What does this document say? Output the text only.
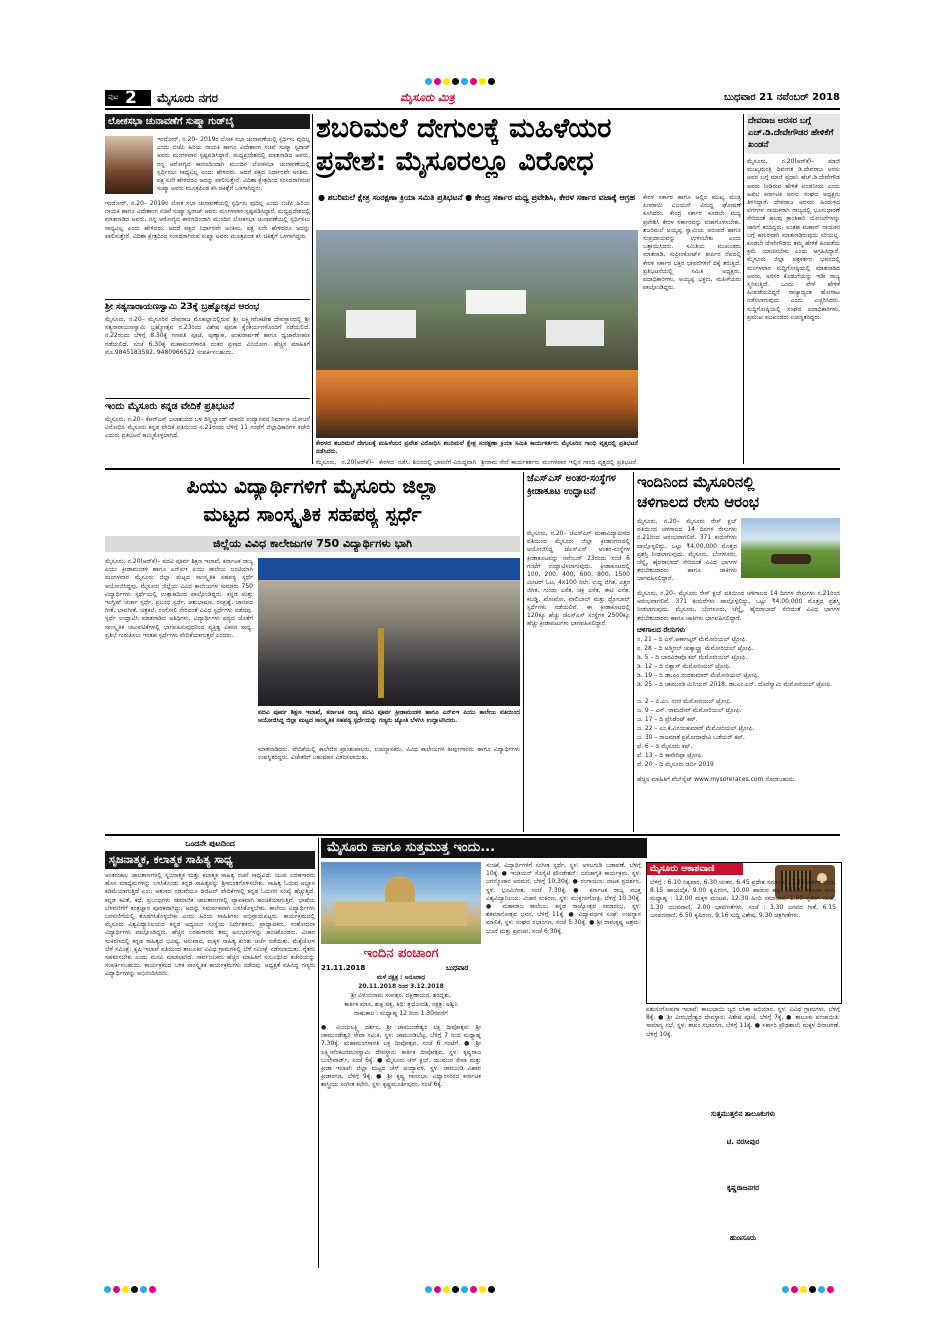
ಪುಟ 2 ಮೈಸೂರು ನಗರ	ಮೈಸೂರು ಮಿತ್ರ	ಬುಧವಾರ 21 ನವೆಂಬರ್ 2018
ಲೋಕಸಭಾ ಚುನಾವಣೆಗೆ ಸುಷ್ಮಾ ಗುಡ್‌ಬೈ
ಇಂದೋರ್, ನ.20– 2019ರ ಲೋಕ ಸಭಾ ಚುನಾವಣೆಯಲ್ಲಿ ಸ್ಪರ್ಧಿಸು ವುದಿಲ್ಲ ಎಂದು ಬಿಜೆಪಿ ಹಿರಿಯ ನಾಯಕಿ ಹಾಗೂ ವಿದೇಶಾಂಗ ಸಚಿವೆ ಸುಷ್ಮಾ ಸ್ವರಾಜ್ ಅವರು ಮಂಗಳವಾರ ಸ್ಪಷ್ಟಪಡಿಸಿದ್ದಾರೆ. ಮಧ್ಯಪ್ರದೇಶದಲ್ಲಿ ಮಾತನಾಡಿದ ಅವರು, ನನ್ನ ಆರೋಗ್ಯದ ಕಾರಣದಿಂದಾಗಿ ಮುಂದಿನ ಲೋಕಸಭಾ ಚುನಾವಣೆಯಲ್ಲಿ ಸ್ಪರ್ಧಿಸಲು ಸಾಧ್ಯವಿಲ್ಲ ಎಂದು ಹೇಳಿದರು. ಆದರೆ ಪಕ್ಷದ ನಿರ್ಧಾರವೇ ಅಂತಿಮ. ಪಕ್ಷ ಏನೇ ಹೇಳಿದರೂ ಅದನ್ನು ಪಾಲಿಸುತ್ತೇನೆ. ವಿದಿಶಾ ಕ್ಷೇತ್ರದಿಂದ ಸಂಸದರಾಗಿರುವ ಸುಷ್ಮಾ ಅವರು ಮೂತ್ರಪಿಂಡ ಕಸಿ ಚಿಕಿತ್ಸೆಗೆ ಒಳಗಾಗಿದ್ದರು.
ಇಂದೋರ್, ನ.20– 2019ರ ಲೋಕ ಸಭಾ ಚುನಾವಣೆಯಲ್ಲಿ ಸ್ಪರ್ಧಿಸು ವುದಿಲ್ಲ ಎಂದು ಬಿಜೆಪಿ ಹಿರಿಯ ನಾಯಕಿ ಹಾಗೂ ವಿದೇಶಾಂಗ ಸಚಿವೆ ಸುಷ್ಮಾ ಸ್ವರಾಜ್ ಅವರು ಮಂಗಳವಾರ ಸ್ಪಷ್ಟಪಡಿಸಿದ್ದಾರೆ. ಮಧ್ಯಪ್ರದೇಶದಲ್ಲಿ ಮಾತನಾಡಿದ ಅವರು, ನನ್ನ ಆರೋಗ್ಯದ ಕಾರಣದಿಂದಾಗಿ ಮುಂದಿನ ಲೋಕಸಭಾ ಚುನಾವಣೆಯಲ್ಲಿ ಸ್ಪರ್ಧಿಸಲು ಸಾಧ್ಯವಿಲ್ಲ ಎಂದು ಹೇಳಿದರು. ಆದರೆ ಪಕ್ಷದ ನಿರ್ಧಾರವೇ ಅಂತಿಮ. ಪಕ್ಷ ಏನೇ ಹೇಳಿದರೂ ಅದನ್ನು ಪಾಲಿಸುತ್ತೇನೆ. ವಿದಿಶಾ ಕ್ಷೇತ್ರದಿಂದ ಸಂಸದರಾಗಿರುವ ಸುಷ್ಮಾ ಅವರು ಮೂತ್ರಪಿಂಡ ಕಸಿ ಚಿಕಿತ್ಸೆಗೆ ಒಳಗಾಗಿದ್ದರು.
ಶ್ರೀ ಸತ್ಯನಾರಾಯಣಸ್ವಾಮಿ 23ಕ್ಕೆ ಬ್ರಹ್ಮೋತ್ಸವ ಆರಂಭ
ಮೈಸೂರು, ನ.20– ಮೈಸೂರಿನ ದೇವರಾಜ ಮೊಹಲ್ಲಾದಲ್ಲಿರುವ ಶ್ರೀ ಲಕ್ಷ್ಮೀವೆಂಕಟೇಶ ದೇವಸ್ಥಾನದಲ್ಲಿ ಶ್ರೀ ಸತ್ಯನಾರಾಯಣಸ್ವಾಮಿ ಬ್ರಹ್ಮೋತ್ಸವ ನ.23ರಿಂದ ವಿಶೇಷ ಪೂಜಾ ಕೈಂಕರ್ಯಗಳೊಂದಿಗೆ ನಡೆಯಲಿದೆ. ನ.22ರಂದು ಬೆಳಿಗ್ಗೆ 8.30ಕ್ಕೆ ಗಣಪತಿ ಪೂಜೆ, ಪುಣ್ಯಾಹ, ಅಂಕುರಾರ್ಪಣೆ ಹಾಗೂ ಧ್ವಜಾರೋಹಣ ನಡೆಯಲಿದೆ. ಸಂಜೆ 6.30ಕ್ಕೆ ಮಹಾಮಂಗಳಾರತಿ ನಂತರ ಪ್ರಸಾದ ವಿನಿಯೋಗ. ಹೆಚ್ಚಿನ ಮಾಹಿತಿಗೆ ಮೊ.9845183592, 9480966522 ಸಂಪರ್ಕಿಸಬಹುದು.
ಇಂದು ಮೈಸೂರು ಕನ್ನಡ ವೇದಿಕೆ ಪ್ರತಿಭಟನೆ
ಮೈಸೂರು, ನ.20– ಕೆಆರ್‌ಎಸ್ ಜಲಾಶಯದ ಬಳಿ ಡಿಸ್ನಿಲ್ಯಾಂಡ್ ಮಾದರಿ ಉದ್ಯಾನವನ ನಿರ್ಮಾಣ ಯೋಜನೆ ವಿರೋಧಿಸಿ ಮೈಸೂರು ಕನ್ನಡ ವೇದಿಕೆ ವತಿಯಿಂದ ನ.21ರಂದು ಬೆಳಿಗ್ಗೆ 11 ಗಂಟೆಗೆ ಜಿಲ್ಲಾಧಿಕಾರಿಗಳ ಕಚೇರಿ ಎದುರು ಪ್ರತಿಭಟನೆ ಹಮ್ಮಿಕೊಳ್ಳಲಾಗಿದೆ.
ಶಬರಿಮಲೆ ದೇಗುಲಕ್ಕೆ ಮಹಿಳೆಯರ
ಪ್ರವೇಶ: ಮೈಸೂರಲ್ಲೂ ವಿರೋಧ
● ಶಬರಿಮಲೆ ಕ್ಷೇತ್ರ ಸಂರಕ್ಷಣಾ ಕ್ರಿಯಾ ಸಮಿತಿ ಪ್ರತಿಭಟನೆ ● ಕೇಂದ್ರ ಸರ್ಕಾರ ಮಧ್ಯ ಪ್ರವೇಶಿಸಿ, ಕೇರಳ ಸರ್ಕಾರ ವಜಾಕ್ಕೆ ಆಗ್ರಹ
ಕೇರಳದ ಶಬರಿಮಲೆ ದೇಗುಲಕ್ಕೆ ಮಹಿಳೆಯರ ಪ್ರವೇಶ ವಿರೋಧಿಸಿ ಶಬರಿಮಲೆ ಕ್ಷೇತ್ರ ಸಂರಕ್ಷಣಾ ಕ್ರಿಯಾ ಸಮಿತಿ ಕಾರ್ಯಕರ್ತರು ಮೈಸೂರಿನ ಗಾಂಧಿ ವೃತ್ತದಲ್ಲಿ ಪ್ರತಿಭಟನೆ ನಡೆಸಿದರು.
ಮೈಸೂರು, ನ.20(ಆರ್‌ಕೆ)– ಕೇರಳದ ನಡೆಸಿ, ಶಿಬಿರದಲ್ಲಿ ಭಾವನೆಗೆ ವಿರುದ್ಧವಾಗಿ ಶ್ರೀರಾಮ ಸೇನೆ ಕಾರ್ಯಕರ್ತರು ಮಂಗಳವಾರ ಇಲ್ಲಿನ ಗಾಂಧಿ ವೃತ್ತದಲ್ಲಿ ಪ್ರತಿಭಟನೆ
ಕೇರಳ ಸರ್ಕಾರ ಹಾಗೂ ಅಲ್ಲಿನ ಮುಖ್ಯ ಮಂತ್ರಿ ಪಿಣರಾಯಿ ವಿಜಯನ್ ವಿರುದ್ಧ ಘೋಷಣೆ ಕೂಗಿದರು. ಕೇಂದ್ರ ಸರ್ಕಾರ ಕೂಡಲೇ ಮಧ್ಯ ಪ್ರವೇಶಿಸಿ ಕೇರಳ ಸರ್ಕಾರವನ್ನು ವಜಾಗೊಳಿಸಬೇಕು. ಶಬರಿಮಲೆ ಅಯ್ಯಪ್ಪ ಸ್ವಾಮಿಯ ಪರಂಪರೆ ಹಾಗೂ ಸಂಪ್ರದಾಯವನ್ನು ಉಳಿಸಬೇಕು ಎಂದು ಒತ್ತಾಯಿಸಿದರು. ಸಮಿತಿಯ ಮುಖಂಡರು ಮಾತನಾಡಿ, ಸುಪ್ರೀಂಕೋರ್ಟ್ ತೀರ್ಪಿನ ನೆಪದಲ್ಲಿ ಕೇರಳ ಸರ್ಕಾರ ಭಕ್ತರ ಭಾವನೆಗಳಿಗೆ ಧಕ್ಕೆ ತರುತ್ತಿದೆ. ಪ್ರತಿಭಟನೆಯಲ್ಲಿ ಸಮಿತಿ ಅಧ್ಯಕ್ಷರು, ಪದಾಧಿಕಾರಿಗಳು, ಅಯ್ಯಪ್ಪ ಭಕ್ತರು, ಮಹಿಳೆಯರು ಪಾಲ್ಗೊಂಡಿದ್ದರು.
ದೇವರಾಜ ಅರಸರ ಬಗ್ಗೆ ಎಚ್.ಡಿ.ದೇವೇಗೌಡರ ಹೇಳಿಕೆಗೆ ಖಂಡನೆ
ಮೈಸೂರು, ನ.20(ಆರ್‌ಕೆ)– ಮಾಜಿ ಮುಖ್ಯಮಂತ್ರಿ ದಿವಂಗತ ಡಿ.ದೇವರಾಜ ಅರಸು ಅವರ ಬಗ್ಗೆ ಮಾಜಿ ಪ್ರಧಾನಿ ಹೆಚ್.ಡಿ.ದೇವೇಗೌಡ ಅವರು ನೀಡಿರುವ ಹೇಳಿಕೆ ಖಂಡನೀಯ ಎಂದು ಅಖಿಲ ಕರ್ನಾಟಕ ಅರಸು ಸಂಘದ ಅಧ್ಯಕ್ಷರು ತಿಳಿಸಿದ್ದಾರೆ. ದೇವರಾಜ ಅರಸರು ಹಿಂದುಳಿದ ವರ್ಗಗಳ ನಾಯಕರಾಗಿ ರಾಜ್ಯದಲ್ಲಿ ಭೂಸುಧಾರಣೆ ಸೇರಿದಂತೆ ಹಲವು ಕ್ರಾಂತಿಕಾರಿ ಯೋಜನೆಗಳನ್ನು ಜಾರಿಗೆ ತಂದಿದ್ದರು. ಅಂತಹ ಮಹಾನ್ ನಾಯಕರ ಬಗ್ಗೆ ಹಗುರವಾಗಿ ಮಾತನಾಡಿರುವುದು ಸರಿಯಲ್ಲ. ಕೂಡಲೇ ದೇವೇಗೌಡರು ತಮ್ಮ ಹೇಳಿಕೆ ಹಿಂಪಡೆದು ಕ್ಷಮೆ ಯಾಚಿಸಬೇಕು ಎಂದು ಆಗ್ರಹಿಸಿದ್ದಾರೆ. ಮೈಸೂರು ಜಿಲ್ಲಾ ಪತ್ರಕರ್ತರ ಭವನದಲ್ಲಿ ಮಂಗಳವಾರ ಸುದ್ದಿಗೋಷ್ಠಿಯಲ್ಲಿ ಮಾತನಾಡಿದ ಅವರು, ಅರಸರ ಕೊಡುಗೆಯನ್ನು ಇಡೀ ರಾಜ್ಯ ಸ್ಮರಿಸುತ್ತಿದೆ. ಒಂದು ವೇಳೆ ಹೇಳಿಕೆ ಹಿಂಪಡೆಯದಿದ್ದರೆ ರಾಜ್ಯಾದ್ಯಂತ ಹೋರಾಟ ನಡೆಸಲಾಗುವುದು ಎಂದು ಎಚ್ಚರಿಸಿದರು. ಸುದ್ದಿಗೋಷ್ಠಿಯಲ್ಲಿ ಸಂಘದ ಪದಾಧಿಕಾರಿಗಳು, ಪ್ರಮುಖ ಮುಖಂಡರು ಉಪಸ್ಥಿತರಿದ್ದರು.
ಪಿಯು ವಿದ್ಯಾರ್ಥಿಗಳಿಗೆ ಮೈಸೂರು ಜಿಲ್ಲಾ
ಮಟ್ಟದ ಸಾಂಸ್ಕೃತಿಕ ಸಹಪಠ್ಯ ಸ್ಪರ್ಧೆ
ಜಿಲ್ಲೆಯ ವಿವಿಧ ಕಾಲೇಜುಗಳ 750 ವಿದ್ಯಾರ್ಥಿಗಳು ಭಾಗಿ
ಮೈಸೂರು, ನ.20(ಆರ್‌ಕೆ)– ಪದವಿ ಪೂರ್ವ ಶಿಕ್ಷಣ ಇಲಾಖೆ, ಕರ್ನಾಟಕ ರಾಜ್ಯ ಪಿಯು ಕ್ರೀಡಾಮಂಡಳಿ ಹಾಗೂ ಎನ್‌ಐಇ ಪಿಯು ಕಾಲೇಜು ಜಂಟಿಯಾಗಿ ಮಂಗಳವಾರ ಮೈಸೂರು ಜಿಲ್ಲಾ ಮಟ್ಟದ ಸಾಂಸ್ಕೃತಿಕ ಸಹಪಠ್ಯ ಸ್ಪರ್ಧೆ ಆಯೋಜಿಸಿದ್ದವು. ಮೈಸೂರು ಜಿಲ್ಲೆಯ ವಿವಿಧ ಕಾಲೇಜುಗಳ ಸುಮಾರು 750 ವಿದ್ಯಾರ್ಥಿಗಳು ಸ್ಪರ್ಧೆಯಲ್ಲಿ ಉತ್ಸಾಹದಿಂದ ಪಾಲ್ಗೊಂಡಿದ್ದರು. ಕನ್ನಡ ಮತ್ತು ಇಂಗ್ಲಿಷ್ ಚರ್ಚಾ ಸ್ಪರ್ಧೆ, ಪ್ರಬಂಧ ಸ್ಪರ್ಧೆ, ಆಶುಭಾಷಣ, ರಸಪ್ರಶ್ನೆ, ಜಾನಪದ ಗೀತೆ, ಭಾವಗೀತೆ, ಚಿತ್ರಕಲೆ, ರಂಗೋಲಿ ಸೇರಿದಂತೆ ವಿವಿಧ ಸ್ಪರ್ಧೆಗಳು ನಡೆದವು. ಸ್ಪರ್ಧೆ ಉದ್ಘಾಟಿಸಿ ಮಾತನಾಡಿದ ಅತಿಥಿಗಳು, ವಿದ್ಯಾರ್ಥಿಗಳು ಪಠ್ಯದ ಜೊತೆಗೆ ಸಾಂಸ್ಕೃತಿಕ ಚಟುವಟಿಕೆಗಳಲ್ಲಿ ಭಾಗವಹಿಸುವುದರಿಂದ ವ್ಯಕ್ತಿತ್ವ ವಿಕಸನ ಸಾಧ್ಯ. ಪ್ರತಿಭೆ ಗುರುತಿಸಲು ಇಂತಹ ಸ್ಪರ್ಧೆಗಳು ವೇದಿಕೆಯಾಗುತ್ತವೆ ಎಂದರು.
ಪದವಿ ಪೂರ್ವ ಶಿಕ್ಷಣ ಇಲಾಖೆ, ಕರ್ನಾಟಕ ರಾಜ್ಯ ಪದವಿ ಪೂರ್ವ ಕ್ರೀಡಾಮಂಡಳಿ ಹಾಗೂ ಎನ್‌ಐಇ ಪಿಯು ಕಾಲೇಜು ವತಿಯಿಂದ ಆಯೋಜಿಸಿದ್ದ ಜಿಲ್ಲಾ ಮಟ್ಟದ ಸಾಂಸ್ಕೃತಿಕ ಸಹಪಠ್ಯ ಸ್ಪರ್ಧೆಯನ್ನು ಗಣ್ಯರು ಜ್ಯೋತಿ ಬೆಳಗಿಸಿ ಉದ್ಘಾಟಿಸಿದರು.
ಮಾತನಾಡಿದರು. ವೇದಿಕೆಯಲ್ಲಿ ಕಾಲೇಜಿನ ಪ್ರಾಂಶುಪಾಲರು, ಉಪನ್ಯಾಸಕರು, ವಿವಿಧ ಕಾಲೇಜುಗಳ ತೀರ್ಪುಗಾರರು ಹಾಗೂ ವಿದ್ಯಾರ್ಥಿಗಳು ಉಪಸ್ಥಿತರಿದ್ದರು. ವಿಜೇತರಿಗೆ ಬಹುಮಾನ ವಿತರಿಸಲಾಯಿತು.
ಜೆಎಸ್‌ಎಸ್ ಅಂತರ-ಸಂಸ್ಥೆಗಳ ಕ್ರೀಡಾಕೂಟ ಉದ್ಘಾಟನೆ
ಮೈಸೂರು, ನ.20– ಜೆಎಸ್‌ಎಸ್ ಮಹಾವಿದ್ಯಾಪೀಠದ ವತಿಯಿಂದ ಮೈಸೂರು ಜಿಲ್ಲಾ ಕ್ರೀಡಾಂಗಣದಲ್ಲಿ ಆಯೋಜಿಸಿದ್ದ ಜೆಎಸ್‌ಎಸ್ ಅಂತರ-ಸಂಸ್ಥೆಗಳ ಕ್ರೀಡಾಕೂಟವನ್ನು ನವೆಂಬರ್ 23ರಂದು ಸಂಜೆ 6 ಗಂಟೆಗೆ ಉದ್ಘಾಟಿಸಲಾಗುವುದು. ಕ್ರೀಡಾಕೂಟದಲ್ಲಿ 100, 200, 400, 600, 800, 1500 ಮೀಟರ್ ಓಟ, 4x100 ರಿಲೇ, ಉದ್ದ ಜಿಗಿತ, ಎತ್ತರ ಜಿಗಿತ, ಗುಂಡು ಎಸೆತ, ಚಕ್ರ ಎಸೆತ, ಈಟಿ ಎಸೆತ, ಕಬಡ್ಡಿ, ಖೋಖೋ, ವಾಲಿಬಾಲ್ ಮತ್ತು ಥ್ರೋಬಾಲ್ ಸ್ಪರ್ಧೆಗಳು ನಡೆಯಲಿವೆ. ಈ ಕ್ರೀಡಾಕೂಟದಲ್ಲಿ 120ಕ್ಕೂ ಹೆಚ್ಚು ಜೆಎಸ್‌ಎಸ್ ಸಂಸ್ಥೆಗಳ 2500ಕ್ಕೂ ಹೆಚ್ಚು ಕ್ರೀಡಾಪಟುಗಳು ಭಾಗವಹಿಸಲಿದ್ದಾರೆ.
ಇಂದಿನಿಂದ ಮೈಸೂರಿನಲ್ಲಿ
ಚಳಿಗಾಲದ ರೇಸು ಆರಂಭ
ಮೈಸೂರು, ನ.20– ಮೈಸೂರು ರೇಸ್ ಕ್ಲಬ್ ವತಿಯಿಂದ ಚಳಿಗಾಲದ 14 ದಿನಗಳ ರೇಸುಗಳು ನ.21ರಿಂದ ಆರಂಭವಾಗಲಿವೆ. 371 ಕುದುರೆಗಳು ಪಾಲ್ಗೊಳ್ಳಲಿದ್ದು, ಒಟ್ಟು ₹4,00,000 ಮೊತ್ತದ ಪ್ರಶಸ್ತಿ ನೀಡಲಾಗುವುದು. ಮೈಸೂರು, ಬೆಂಗಳೂರು, ಚೆನ್ನೈ, ಹೈದರಾಬಾದ್ ಸೇರಿದಂತೆ ವಿವಿಧ ಭಾಗಗಳ ತರಬೇತುದಾರರು ಹಾಗೂ ಜಾಕಿಗಳು ಭಾಗವಹಿಸಲಿದ್ದಾರೆ.
ಮೈಸೂರು, ನ.20– ಮೈಸೂರು ರೇಸ್ ಕ್ಲಬ್ ವತಿಯಿಂದ ಚಳಿಗಾಲದ 14 ದಿನಗಳ ರೇಸುಗಳು ನ.21ರಿಂದ ಆರಂಭವಾಗಲಿವೆ. 371 ಕುದುರೆಗಳು ಪಾಲ್ಗೊಳ್ಳಲಿದ್ದು, ಒಟ್ಟು ₹4,00,000 ಮೊತ್ತದ ಪ್ರಶಸ್ತಿ ನೀಡಲಾಗುವುದು. ಮೈಸೂರು, ಬೆಂಗಳೂರು, ಚೆನ್ನೈ, ಹೈದರಾಬಾದ್ ಸೇರಿದಂತೆ ವಿವಿಧ ಭಾಗಗಳ ತರಬೇತುದಾರರು ಹಾಗೂ ಜಾಕಿಗಳು ಭಾಗವಹಿಸಲಿದ್ದಾರೆ.
ಚಳಿಗಾಲದ ರೇಸುಗಳು
ನ. 21 – ದಿ ಎಸ್.ಆರ್ಕಾಟ್ಕರ್ ಮೆಮೋರಿಯಲ್ ಟ್ರೋಫಿ.
ನ. 28 – ದಿ ಅಡ್ಮಿರಲ್ ಚುಕ್ಕಾಲ್ಪ್ರ್ಯಾ ಮೆಮೋರಿಯಲ್ ಟ್ರೋಫಿ.
ಡಿ. 5 – ದಿ ಬಾರವಿರಾವೊ ಕಪ್ ಮೆಮೋರಿಯಲ್ ಟ್ರೋಫಿ.
ಡಿ. 12 – ದಿ ಬಿಶ್ವಾಸ್ ಮೆಮೋರಿಯಲ್ ಟ್ರೋಫಿ.
ಡಿ. 19 – ದಿ ಡಾ.ಎಂ.ನಂದಕುಮಾರ್ ಮೆಮೋರಿಯಲ್ ಟ್ರೋಫಿ.
ಡಿ. 25 – ದಿ ಚಾಮುಂಡಿ ಮಿನಿಯನ್ 2018, ಡಾ.ಎಂ.ಎನ್. ದೊರೆಸ್ವಾಮಿ ಮೆಮೋರಿಯಲ್ ಟ್ರೋಫಿ.
ಜ. 2 – ಪಿ.ಎಂ. ನಗರ ಮೆಮೋರಿಯಲ್ ಟ್ರೋಫಿ.
ಜ. 9 – ಎಸ್. ರಾಮದೇವ್ ಮೆಮೋರಿಯಲ್ ಟ್ರೋಫಿ.
ಜ. 17 – ದಿ ಪ್ರೆಸಿಡೆಂಟ್ ಕಪ್.
ಜ. 22 – ಎಂ.ಕೆ.ವಿನಯಕುಮಾರ್ ಮೆಮೋರಿಯಲ್ ಟ್ರೋಫಿ.
ಜ. 30 – ರಾಜಮಾತೆ ಪ್ರಮೋದಾದೇವಿ ಒಡೆಯರ್ ಕಪ್.
ಫೆ. 6 – ದಿ ಮೈಸೂರು ಕಪ್.
ಫೆ. 13 – ದಿ ಕಾವೇರಿಪ್ಪಾ ಟ್ರೋಫಿ.
ಫೆ. 20 – ದಿ ಮೈಸೂರು ಡರ್ಬಿ 2019
ಹೆಚ್ಚಿನ ಮಾಹಿತಿಗೆ ವೆಬ್‌ಸೈಟ್ www.mysoreraces.com ನೋಡಬಹುದು.
ಒಂದನೇ ಪುಟದಿಂದ
ಸೃಜನಾತ್ಮಕ, ಕಲಾತ್ಮಕ ಸಾಹಿತ್ಯ ಸಾಧ್ಯ
ಅಂತರಜಾಲ ಜಾಲತಾಣಗಳಲ್ಲಿ ಸೃಜನಾತ್ಮಕ ಮತ್ತು ಕಲಾತ್ಮಕ ಸಾಹಿತ್ಯ ರಚನೆ ಸಾಧ್ಯವಿದೆ. ಯುವ ಬರಹಗಾರರು ಹೊಸ ಮಾಧ್ಯಮಗಳನ್ನು ಬಳಸಿಕೊಂಡು ಕನ್ನಡ ಸಾಹಿತ್ಯವನ್ನು ಶ್ರೀಮಂತಗೊಳಿಸಬೇಕು. ಸಾಹಿತ್ಯ ಓದುವ ಅಭ್ಯಾಸ ಕಡಿಮೆಯಾಗುತ್ತಿದೆ ಎಂಬ ಆತಂಕದ ನಡುವೆಯೂ ಡಿಜಿಟಲ್ ವೇದಿಕೆಗಳಲ್ಲಿ ಕನ್ನಡ ಓದುಗರ ಸಂಖ್ಯೆ ಹೆಚ್ಚುತ್ತಿದೆ. ಕನ್ನಡ ಕವಿತೆ, ಕಥೆ, ಪ್ರಬಂಧಗಳು ಸಾಮಾಜಿಕ ಜಾಲತಾಣಗಳಲ್ಲಿ ವ್ಯಾಪಕವಾಗಿ ಹಂಚಿಕೆಯಾಗುತ್ತಿವೆ. ಭಾಷೆಯ ಬೆಳವಣಿಗೆಗೆ ತಂತ್ರಜ್ಞಾನ ಪೂರಕವಾಗಿದ್ದು, ಅದನ್ನು ಸಮರ್ಪಕವಾಗಿ ಬಳಸಿಕೊಳ್ಳಬೇಕು. ಕಾಲೇಜು ವಿದ್ಯಾರ್ಥಿಗಳು ಬರವಣಿಗೆಯಲ್ಲಿ ತೊಡಗಿಸಿಕೊಳ್ಳಬೇಕು ಎಂದು ಹಿರಿಯ ಸಾಹಿತಿಗಳು ಅಭಿಪ್ರಾಯಪಟ್ಟರು. ಕಾರ್ಯಕ್ರಮದಲ್ಲಿ ಮೈಸೂರು ವಿಶ್ವವಿದ್ಯಾನಿಲಯದ ಕನ್ನಡ ಅಧ್ಯಯನ ಸಂಸ್ಥೆಯ ನಿರ್ದೇಶಕರು, ಪ್ರಾಧ್ಯಾಪಕರು, ಸಂಶೋಧನಾ ವಿದ್ಯಾರ್ಥಿಗಳು ಪಾಲ್ಗೊಂಡಿದ್ದರು. ಹೆಚ್ಚಿನ ಬರಹಗಾರರು ತಮ್ಮ ಅನುಭವಗಳನ್ನು ಹಂಚಿಕೊಂಡರು. ವಿಚಾರ ಸಂಕಿರಣದಲ್ಲಿ ಕನ್ನಡ ಸಾಹಿತ್ಯದ ಭವಿಷ್ಯ, ಅನುವಾದ, ಮಕ್ಕಳ ಸಾಹಿತ್ಯ ಕುರಿತು ಚರ್ಚೆ ನಡೆಯಿತು. ಮೆಕ್ಕೆಜೋಳ ಬೆಳೆ ಸಮೀಕ್ಷೆ: ಕೃಷಿ ಇಲಾಖೆ ವತಿಯಿಂದ ತಾಲೂಕಿನ ವಿವಿಧ ಗ್ರಾಮಗಳಲ್ಲಿ ಬೆಳೆ ಸಮೀಕ್ಷೆ ನಡೆಸಲಾಯಿತು. ರೈತರು ಸಹಕರಿಸಬೇಕು ಎಂದು ಮನವಿ ಮಾಡಲಾಗಿದೆ. ಸಾರ್ವಜನಿಕರು ಹೆಚ್ಚಿನ ಮಾಹಿತಿಗೆ ಸಂಬಂಧಿಸಿದ ಕಚೇರಿಯನ್ನು ಸಂಪರ್ಕಿಸಬಹುದು. ಕಾರ್ಯಕ್ರಮದ ಬಳಿಕ ಸಾಂಸ್ಕೃತಿಕ ಕಾರ್ಯಕ್ರಮಗಳು ನಡೆದವು. ಅಧ್ಯಕ್ಷತೆ ವಹಿಸಿದ್ದ ಗಣ್ಯರು ವಿದ್ಯಾರ್ಥಿಗಳನ್ನು ಅಭಿನಂದಿಸಿದರು.
ಮೈಸೂರು ಹಾಗೂ ಸುತ್ತಮುತ್ತ ಇಂದು...
ಇಂದಿನ ಪಂಚಾಂಗ
21.11.2018	ಬುಧವಾರ
ಮಳೆ ನಕ್ಷತ್ರ : ಅನೂರಾಧ
20.11.2018 ರಿಂದ 3.12.2018
ಶ್ರೀ ವಿಳಂಬಿನಾಮ ಸಂವತ್ಸರ, ದಕ್ಷಿಣಾಯನ, ಶರದೃತು,
ಕಾರ್ತಿಕ ಮಾಸ, ಶುಕ್ಲ ಪಕ್ಷ, ತಿಥಿ: ತ್ರಯೋದಶಿ, ನಕ್ಷತ್ರ: ಅಶ್ವಿನಿ
ರಾಹುಕಾಲ : ಮಧ್ಯಾಹ್ನ 12 ರಿಂದ 1.30ರವರೆಗೆ
● ವಿಜಯಲಕ್ಷ್ಮಿ ದರ್ಶನ, ಶ್ರೀ ಚಾಮುಂಡೇಶ್ವರಿ ಲಕ್ಷ ದೀಪೋತ್ಸವ: ಶ್ರೀ ಚಾಮುಂಡೇಶ್ವರಿ ಸೇವಾ ಸಮಿತಿ, ಸ್ಥಳ: ಚಾಮುಂಡಿಬೆಟ್ಟ, ಬೆಳಿಗ್ಗೆ 7 ರಿಂದ ಮಧ್ಯಾಹ್ನ 7.30ಕ್ಕೆ. ಮಹಾಮಂಗಳಾರತಿ ಲಕ್ಷ ದೀಪೋತ್ಸವ, ಸಂಜೆ 6 ಗಂಟೆಗೆ. ● ಶ್ರೀ ಲಕ್ಷ್ಮೀವೆಂಕಟರಮಣಸ್ವಾಮಿ ದೇವಸ್ಥಾನ: ಕಾರ್ತಿಕ ದೀಪೋತ್ಸವ, ಸ್ಥಳ: ಕೃಷ್ಣರಾಜ ಬುಲೇವಾರ್ಡ್, ಸಂಜೆ 6ಕ್ಕೆ. ● ಮೈಸೂರು ಚೆಸ್ ಕ್ಲಬ್, ಯುವಜನ ಸೇವಾ ಮತ್ತು ಕ್ರೀಡಾ ಇಲಾಖೆ: ಜಿಲ್ಲಾ ಮಟ್ಟದ ಚೆಸ್ ಪಂದ್ಯಾವಳಿ, ಸ್ಥಳ: ಚಾಮುಂಡಿ ವಿಹಾರ ಕ್ರೀಡಾಂಗಣ, ಬೆಳಿಗ್ಗೆ 9ಕ್ಕೆ. ● ಶ್ರೀ ಕೃಷ್ಣ ಗಾನಸಭಾ: ವಿದ್ವಾಂಸರಿಂದ ಕರ್ನಾಟಕ ಶಾಸ್ತ್ರೀಯ ಸಂಗೀತ ಕಛೇರಿ, ಸ್ಥಳ: ಕೃಷ್ಣಮೂರ್ತಿಪುರಂ, ಸಂಜೆ 6ಕ್ಕೆ.
ಸಂಚಿಕೆ, ವಿದ್ಯಾರ್ಥಿಗಳಿಗೆ ಸಂಗೀತ ಸ್ಪರ್ಧೆ, ಸ್ಥಳ: ಅಳಲಗುಡಿ ಬಡಾವಣೆ, ಬೆಳಿಗ್ಗೆ 10ಕ್ಕೆ. ● ಇಂಡಿಯನ್ ಸೊಸೈಟಿ ಫೌಂಡೇಶನ್: ಜನಜಾಗೃತಿ ಕಾರ್ಯಕ್ರಮ, ಸ್ಥಳ: ಜಗನ್ಮೋಹನ ಅರಮನೆ, ಬೆಳಿಗ್ಗೆ 10.30ಕ್ಕೆ. ● ರಂಗಾಯಣ: ನಾಟಕ ಪ್ರದರ್ಶನ, ಸ್ಥಳ: ಭೂಮಿಗೀತ, ಸಂಜೆ 7.30ಕ್ಕೆ. ● ಕರ್ನಾಟಕ ರಾಜ್ಯ ಮುಕ್ತ ವಿಶ್ವವಿದ್ಯಾನಿಲಯ: ವಿಚಾರ ಸಂಕಿರಣ, ಸ್ಥಳ: ಮುಕ್ತಗಂಗೋತ್ರಿ, ಬೆಳಿಗ್ಗೆ 10.30ಕ್ಕೆ. ● ಮಹಾರಾಜ ಕಾಲೇಜು: ಕನ್ನಡ ರಾಜ್ಯೋತ್ಸವ ಸಮಾರಂಭ, ಸ್ಥಳ: ಶತಮಾನೋತ್ಸವ ಭವನ, ಬೆಳಿಗ್ಗೆ 11ಕ್ಕೆ. ● ವಿದ್ಯಾವರ್ಧಕ ಸಂಘ: ಉಪನ್ಯಾಸ ಮಾಲಿಕೆ, ಸ್ಥಳ: ಸಂಘದ ಸಭಾಂಗಣ, ಸಂಜೆ 5.30ಕ್ಕೆ. ● ಶ್ರೀ ರಾಮಕೃಷ್ಣ ಆಶ್ರಮ: ಭಜನೆ ಮತ್ತು ಪ್ರವಚನ, ಸಂಜೆ 6.30ಕ್ಕೆ.
ಮೈಸೂರು ಆಕಾಶವಾಣಿ
ಬೆಳಿಗ್ಗೆ : 6.10 ನಿತ್ಯಪಾಠ, 6.30 ಚಿಂತನ, 6.45 ಪ್ರದೇಶ ಸಮಾಚಾರ, 7.15 ಸಂಗೀತ ಸುಧಾ, 8.15 ಹಾಯಬೈಕ, 9.00 ಕೃಷಿರಂಗ, 10.00 ಹಾಡುವ ಹಕ್ಕಿ, 11.00 ಮಹಿಳಾ ರಂಗ. ಮಧ್ಯಾಹ್ನ : 12.00 ಮಕ್ಕಳ ಮಂಟಪ, 12.30 ಹಿಂದಿ ಸಮಾಚಾರ, 1.00 ರೈತರಿಗೆ ಸಲಹೆ, 1.30 ಯುವವಾಣಿ, 2.00 ಭಾವಗೀತೆಗಳು. ಸಂಜೆ : 3.30 ಜನಪದ ಗೀತೆ, 6.15 ಜನಪದವಾಣಿ, 6.50 ಕೃಷಿರಂಗ, 9.16 ಸುದ್ದಿ ವಿಶೇಷ, 9.30 ಚಿತ್ರಗೀತೆಗಳು.
ಪಶುಸಂಗೋಪನಾ ಇಲಾಖೆ: ಕಾಲುಬಾಯಿ ಜ್ವರ ಲಸಿಕಾ ಅಭಿಯಾನ, ಸ್ಥಳ: ವಿವಿಧ ಗ್ರಾಮಗಳು, ಬೆಳಿಗ್ಗೆ 8ಕ್ಕೆ. ● ಶ್ರೀ ವೀರಭದ್ರೇಶ್ವರ ದೇವಸ್ಥಾನ: ವಿಶೇಷ ಪೂಜೆ, ಬೆಳಿಗ್ಗೆ 7ಕ್ಕೆ. ● ತಾಲೂಕು ಪಂಚಾಯಿತಿ: ಸಾಮಾನ್ಯ ಸಭೆ, ಸ್ಥಳ: ತಾಪಂ ಸಭಾಂಗಣ, ಬೆಳಿಗ್ಗೆ 11ಕ್ಕೆ. ● ಸರ್ಕಾರಿ ಪ್ರೌಢಶಾಲೆ: ಮಕ್ಕಳ ದಿನಾಚರಣೆ, ಬೆಳಿಗ್ಗೆ 10ಕ್ಕೆ.
ಸುತ್ತಮುತ್ತಲಿನ ತಾಲೂಕುಗಳು
ಟಿ. ನರಸೀಪುರ
ಕೃಷ್ಣರಾಜನಗರ
ಹುಣಸೂರು
